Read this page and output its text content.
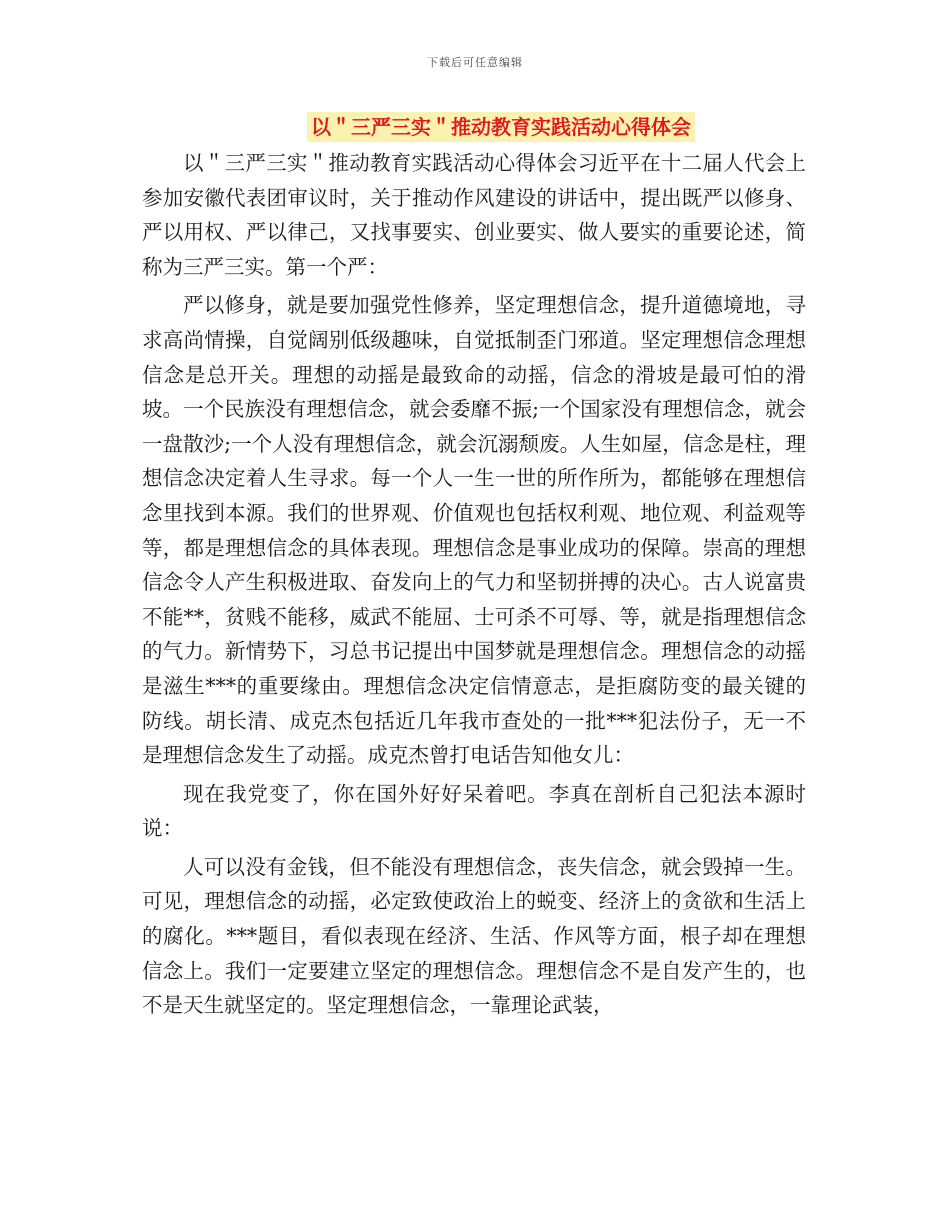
下载后可任意编辑
以＂三严三实＂推动教育实践活动心得体会

以＂三严三实＂推动教育实践活动心得体会习近平在十二届人代会上参加安徽代表团审议时，关于推动作风建设的讲话中，提出既严以修身、严以用权、严以律己，又找事要实、创业要实、做人要实的重要论述，简称为三严三实。第一个严：

严以修身，就是要加强党性修养，坚定理想信念，提升道德境地，寻求高尚情操，自觉阔别低级趣味，自觉抵制歪门邪道。坚定理想信念理想信念是总开关。理想的动摇是最致命的动摇，信念的滑坡是最可怕的滑坡。一个民族没有理想信念，就会委靡不振;一个国家没有理想信念，就会一盘散沙;一个人没有理想信念，就会沉溺颓废。人生如屋，信念是柱，理想信念决定着人生寻求。每一个人一生一世的所作所为，都能够在理想信念里找到本源。我们的世界观、价值观也包括权利观、地位观、利益观等等，都是理想信念的具体表现。理想信念是事业成功的保障。崇高的理想信念令人产生积极进取、奋发向上的气力和坚韧拼搏的决心。古人说富贵不能**，贫贱不能移，威武不能屈、士可杀不可辱、等，就是指理想信念的气力。新情势下，习总书记提出中国梦就是理想信念。理想信念的动摇是滋生***的重要缘由。理想信念决定信情意志，是拒腐防变的最关键的防线。胡长清、成克杰包括近几年我市查处的一批***犯法份子，无一不是理想信念发生了动摇。成克杰曾打电话告知他女儿：

现在我党变了，你在国外好好呆着吧。李真在剖析自己犯法本源时说：

人可以没有金钱，但不能没有理想信念，丧失信念，就会毁掉一生。可见，理想信念的动摇，必定致使政治上的蜕变、经济上的贪欲和生活上的腐化。***题目，看似表现在经济、生活、作风等方面，根子却在理想信念上。我们一定要建立坚定的理想信念。理想信念不是自发产生的，也不是天生就坚定的。坚定理想信念，一靠理论武装，
